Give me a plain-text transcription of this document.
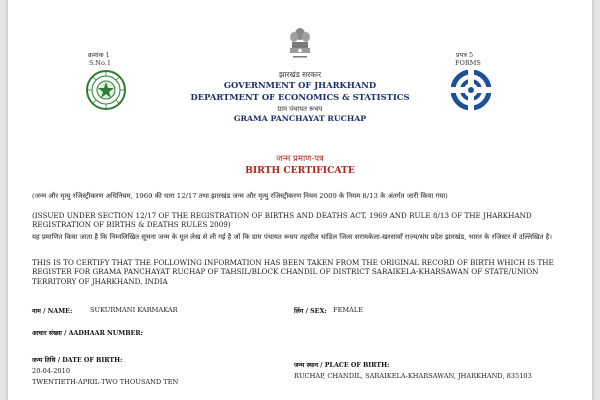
क्रमांक 1
S.No.1
प्रपत्र 5
FORMS
झारखंड सरकार
GOVERNMENT OF JHARKHAND
DEPARTMENT OF ECONOMICS & STATISTICS
ग्राम पंचायत रूचप
GRAMA PANCHAYAT RUCHAP
जन्म प्रमाण-पत्र
BIRTH CERTIFICATE
(जन्म और मृत्यु रजिस्ट्रीकरण अधिनियम, 1969 की धारा 12/17 तथा झारखंड जन्म और मृत्यु रजिस्ट्रीकरण नियम 2009 के नियम 8/13 के अंतर्गत जारी किया गया)
(ISSUED UNDER SECTION 12/17 OF THE REGISTRATION OF BIRTHS AND DEATHS ACT, 1969 AND RULE 8/13 OF THE JHARKHAND REGISTRATION OF BIRTHS & DEATHS RULES 2009)
यह प्रमाणित किया जाता है कि निम्नलिखित सूचना जन्म के मूल लेख से ली गई है जो कि ग्राम पंचायत रूचप तहसील चांडिल जिला सरायकेला-खरसावाँ राज्य/संघ प्रदेश झारखंड, भारत के रजिस्टर में उल्लिखित है।
THIS IS TO CERTIFY THAT THE FOLLOWING INFORMATION HAS BEEN TAKEN FROM THE ORIGINAL RECORD OF BIRTH WHICH IS THE REGISTER FOR GRAMA PANCHAYAT RUCHAP OF TAHSIL/BLOCK CHANDIL OF DISTRICT SARAIKELA-KHARSAWAN OF STATE/UNION TERRITORY OF JHARKHAND, INDIA
नाम / NAME:	SUKURMANI KARMAKAR	लिंग / SEX: FEMALE
आधार संख्या / AADHAAR NUMBER:
जन्म तिथि / DATE OF BIRTH:
20-04-2010
TWENTIETH-APRIL-TWO THOUSAND TEN
जन्म स्थान / PLACE OF BIRTH:
RUCHAP, CHANDIL, SARAIKELA-KHARSAWAN, JHARKHAND, 835103
